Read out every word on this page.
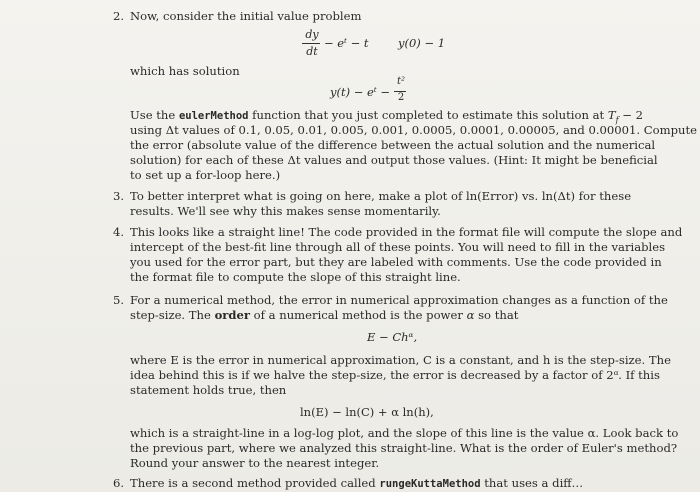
2. Now, consider the initial value problem
dy
dt
− eᵗ − t	y(0) − 1
which has solution
y(t) − eᵗ −
t²
2
Use the eulerMethod function that you just completed to estimate this solution at $T_f - 2$
using Δt values of 0.1, 0.05, 0.01, 0.005, 0.001, 0.0005, 0.0001, 0.00005, and 0.00001. Compute
the error (absolute value of the difference between the actual solution and the numerical
solution) for each of these Δt values and output those values. (Hint: It might be beneficial
to set up a for-loop here.)
3. To better interpret what is going on here, make a plot of ln(Error) vs. ln(Δt) for these
results. We'll see why this makes sense momentarily.
4. This looks like a straight line! The code provided in the format file will compute the slope and
intercept of the best-fit line through all of these points. You will need to fill in the variables
you used for the error part, but they are labeled with comments. Use the code provided in
the format file to compute the slope of this straight line.
5. For a numerical method, the error in numerical approximation changes as a function of the
step-size. The order of a numerical method is the power α so that
E − Chᵅ,
where E is the error in numerical approximation, C is a constant, and h is the step-size. The
idea behind this is if we halve the step-size, the error is decreased by a factor of 2ᵅ. If this
statement holds true, then
ln(E) − ln(C) + α ln(h),
which is a straight-line in a log-log plot, and the slope of this line is the value α. Look back to
the previous part, where we analyzed this straight-line. What is the order of Euler's method?
Round your answer to the nearest integer.
6. There is a second method provided called rungeKuttaMethod that uses a diff…
